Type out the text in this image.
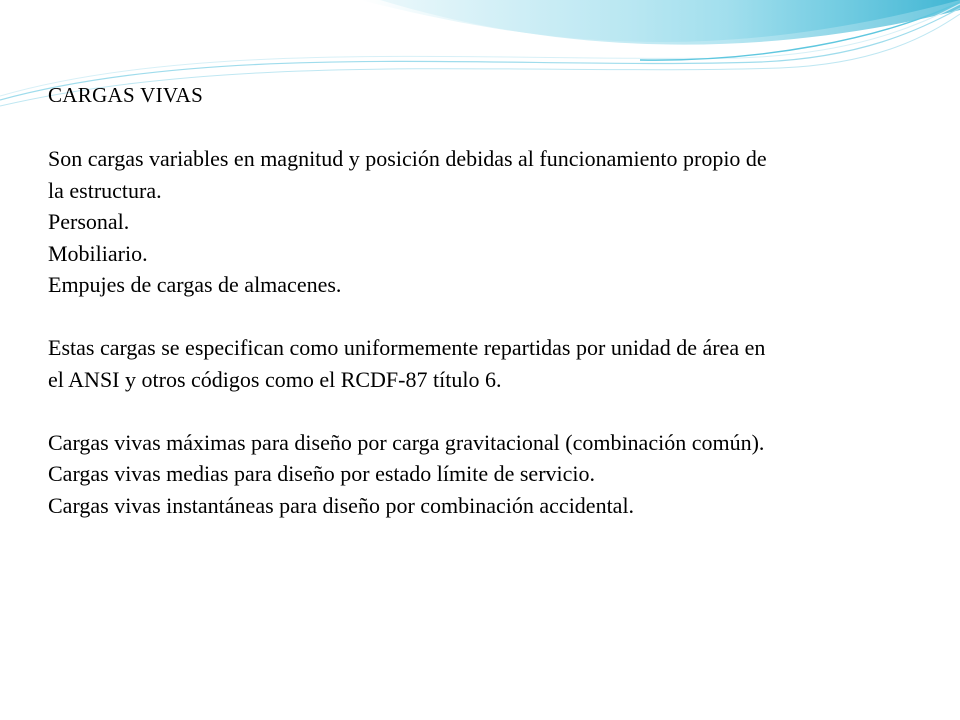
CARGAS VIVAS
Son cargas variables en magnitud y posición debidas al funcionamiento propio de
la estructura.
Personal.
Mobiliario.
Empujes de cargas de almacenes.
Estas cargas se especifican como uniformemente repartidas por unidad de área en
el ANSI y otros códigos como el RCDF-87 título 6.
Cargas vivas máximas para diseño por carga gravitacional (combinación común).
Cargas vivas medias para diseño por estado límite de servicio.
Cargas vivas instantáneas para diseño por combinación accidental.
